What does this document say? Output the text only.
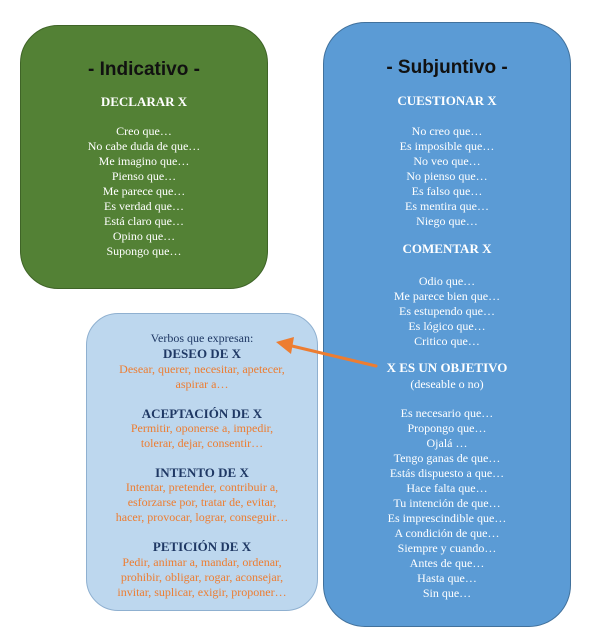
- Indicativo -
DECLARAR X
Creo que…
No cabe duda de que…
Me imagino que…
Pienso que…
Me parece que…
Es verdad que…
Está claro que…
Opino que…
Supongo que…
- Subjuntivo -
CUESTIONAR X
No creo que…
Es imposible que…
No veo que…
No pienso que…
Es falso que…
Es mentira que…
Niego que…
COMENTAR X
Odio que…
Me parece bien que…
Es estupendo que…
Es lógico que…
Critico que…
X ES UN OBJETIVO
(deseable o no)
Es necesario que…
Propongo que…
Ojalá …
Tengo ganas de que…
Estás dispuesto a que…
Hace falta que…
Tu intención de que…
Es imprescindible que…
A condición de que…
Siempre y cuando…
Antes de que…
Hasta que…
Sin que…
Verbos que expresan:
DESEO DE X
Desear, querer, necesitar, apetecer,
aspirar a…
ACEPTACIÓN DE X
Permitir, oponerse a, impedir,
tolerar, dejar, consentir…
INTENTO DE X
Intentar, pretender, contribuir a,
esforzarse por, tratar de, evitar,
hacer, provocar, lograr, conseguir…
PETICIÓN DE X
Pedir, animar a, mandar, ordenar,
prohibir, obligar, rogar, aconsejar,
invitar, suplicar, exigir, proponer…
